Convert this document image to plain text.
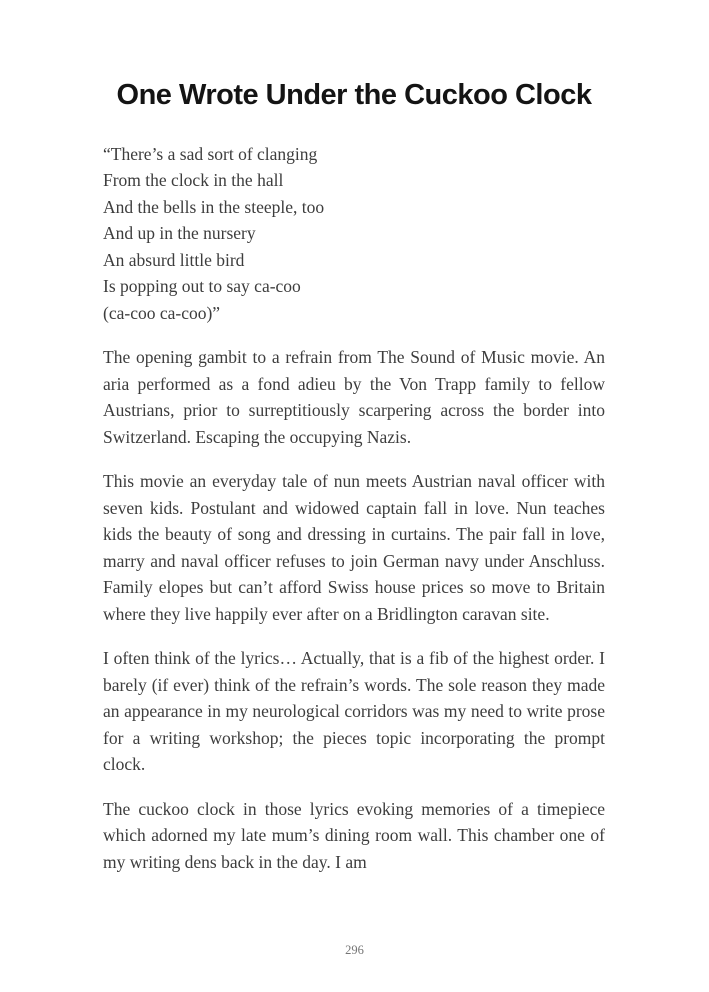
One Wrote Under the Cuckoo Clock
“There’s a sad sort of clanging
From the clock in the hall
And the bells in the steeple, too
And up in the nursery
An absurd little bird
Is popping out to say ca-coo
(ca-coo ca-coo)”

The opening gambit to a refrain from The Sound of Music movie. An aria performed as a fond adieu by the Von Trapp family to fellow Austrians, prior to surreptitiously scarpering across the border into Switzerland. Escaping the occupying Nazis.

This movie an everyday tale of nun meets Austrian naval officer with seven kids. Postulant and widowed captain fall in love. Nun teaches kids the beauty of song and dressing in curtains. The pair fall in love, marry and naval officer refuses to join German navy under Anschluss. Family elopes but can’t afford Swiss house prices so move to Britain where they live happily ever after on a Bridlington caravan site.

I often think of the lyrics… Actually, that is a fib of the highest order. I barely (if ever) think of the refrain’s words. The sole reason they made an appearance in my neurological corridors was my need to write prose for a writing workshop; the pieces topic incorporating the prompt clock.

The cuckoo clock in those lyrics evoking memories of a timepiece which adorned my late mum’s dining room wall. This chamber one of my writing dens back in the day. I am

296
